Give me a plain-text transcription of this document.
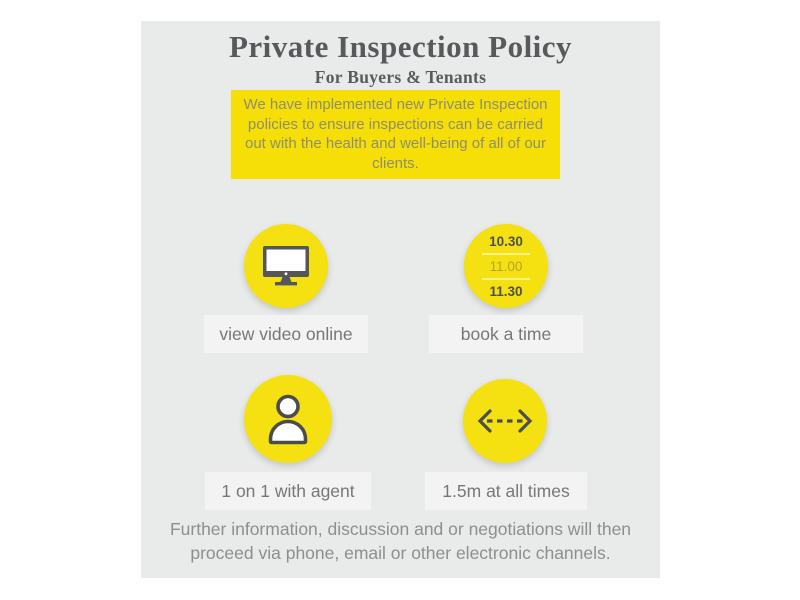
Private Inspection Policy
For Buyers & Tenants
We have implemented new Private Inspection policies to ensure inspections can be carried out with the health and well-being of all of our clients.
view video online
10.30
11.00
11.30
book a time
1 on 1 with agent	1.5m at all times
Further information, discussion and or negotiations will then proceed via phone, email or other electronic channels.
